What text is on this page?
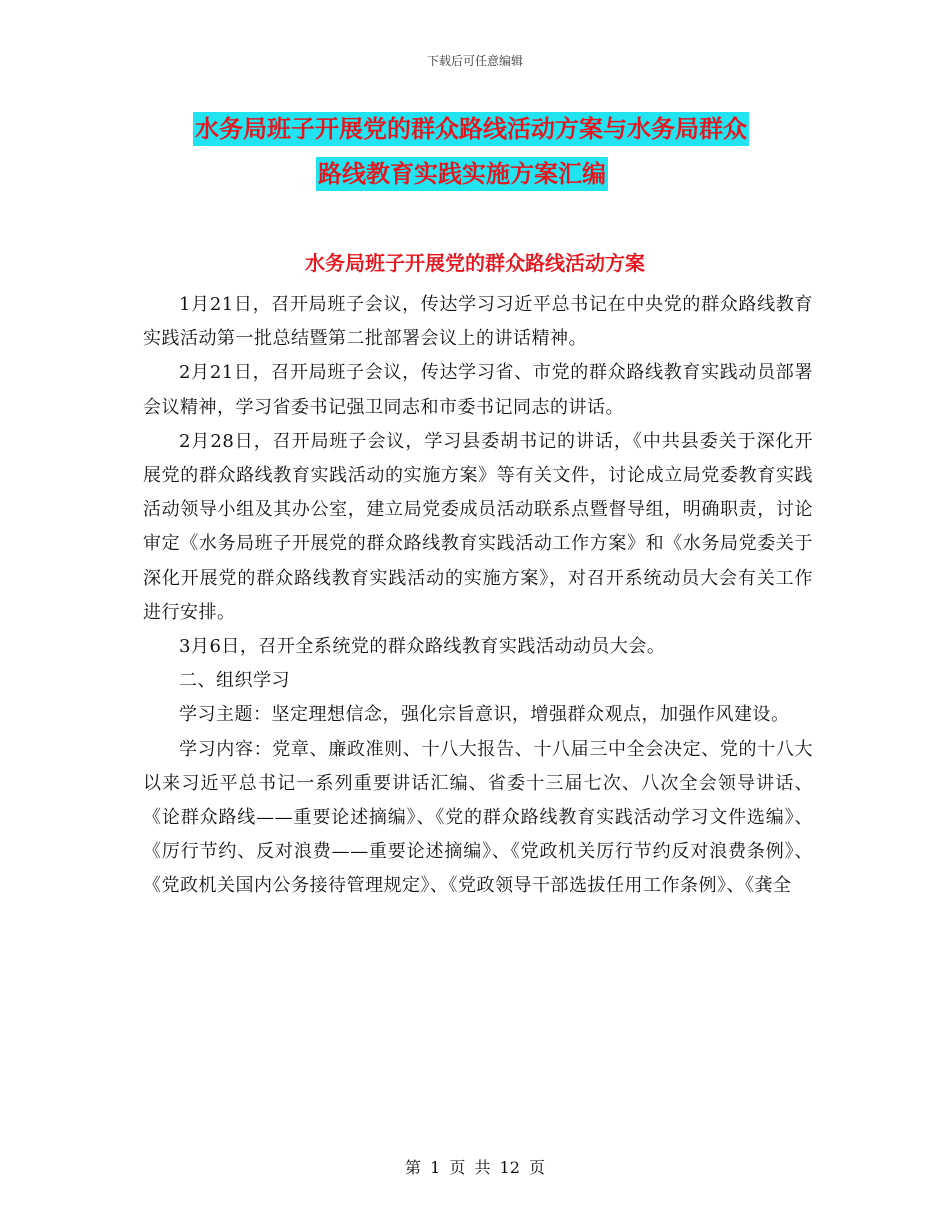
下载后可任意编辑
水务局班子开展党的群众路线活动方案与水务局群众
路线教育实践实施方案汇编
水务局班子开展党的群众路线活动方案

1月21日，召开局班子会议，传达学习习近平总书记在中央党的群众路线教育实践活动第一批总结暨第二批部署会议上的讲话精神。

2月21日，召开局班子会议，传达学习省、市党的群众路线教育实践动员部署会议精神，学习省委书记强卫同志和市委书记同志的讲话。

2月28日，召开局班子会议，学习县委胡书记的讲话，《中共县委关于深化开展党的群众路线教育实践活动的实施方案》等有关文件，讨论成立局党委教育实践活动领导小组及其办公室，建立局党委成员活动联系点暨督导组，明确职责，讨论审定《水务局班子开展党的群众路线教育实践活动工作方案》和《水务局党委关于深化开展党的群众路线教育实践活动的实施方案》，对召开系统动员大会有关工作进行安排。

3月6日，召开全系统党的群众路线教育实践活动动员大会。

二、组织学习

学习主题：坚定理想信念，强化宗旨意识，增强群众观点，加强作风建设。

学习内容：党章、廉政准则、十八大报告、十八届三中全会决定、党的十八大以来习近平总书记一系列重要讲话汇编、省委十三届七次、八次全会领导讲话、《论群众路线——重要论述摘编》、《党的群众路线教育实践活动学习文件选编》、《厉行节约、反对浪费——重要论述摘编》、《党政机关厉行节约反对浪费条例》、《党政机关国内公务接待管理规定》、《党政领导干部选拔任用工作条例》、《龚全

第 1 页 共 12 页
